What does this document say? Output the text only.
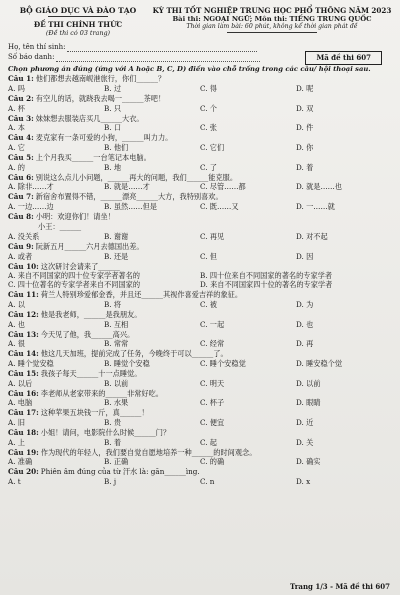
BỘ GIÁO DỤC VÀ ĐÀO TẠO
ĐỀ THI CHÍNH THỨC
(Đề thi có 03 trang)
KỲ THI TỐT NGHIỆP TRUNG HỌC PHỔ THÔNG NĂM 2023
Bài thi: NGOẠI NGỮ; Môn thi: TIẾNG TRUNG QUỐC
Thời gian làm bài: 60 phút, không kể thời gian phát đề
Họ, tên thí sinh:
Số báo danh:	Mã đề thi 607
Chọn phương án đúng (ứng với A hoặc B, C, D) điền vào chỗ trống trong các câu/ hội thoại sau.
Câu 1: 他们都想去越南岘港旅行，你们______？
A. 吗	B. 过	C. 得	D. 呢
Câu 2: 有空儿的话，就跷我去喝一______茶吧！
A. 杯	B. 只	C. 个	D. 双
Câu 3: 妹妹想去服装店买几______大衣。
A. 本	B. 口	C. 张	D. 件
Câu 4: 麦克家有一条可爱的小狗，______叫力力。
A. 它	B. 他们	C. 它们	D. 你
Câu 5: 上个月我买______一台笔记本电脑。
A. 的	B. 地	C. 了	D. 着
Câu 6: 别说这么点儿小问题，______再大的问题，我们______能克服。
A. 除非……才	B. 就是……才	C. 尽管……都	D. 就是……也
Câu 7: 新宿舍布置得不错，______漂亮______大方，我特别喜欢。
A. 一边……边	B. 虽然……但是	C. 既……又	D. 一……就
Câu 8: 小明：欢迎你们！请坐！
小王：______
A. 没关系	B. 谢谢	C. 再见	D. 对不起
Câu 9: 阮新五月______六月去德国出差。
A. 或者	B. 还是	C. 但	D. 因
Câu 10: 这次研讨会请来了______
A. 来自不同国家的四十位专家学者著名的	B. 四十位来自不同国家的著名的专家学者
C. 四十位著名的专家学者来自不同国家的	D. 来自不同国家四十位的著名的专家学者
Câu 11: 荷兰人特别珍爱郁金香，并且还______其视作喜爱吉祥的象征。
A. 以	B. 将	C. 被	D. 为
Câu 12: 他是我老师，______是我朋友。
A. 也	B. 互相	C. 一起	D. 也
Câu 13: 今天见了他，我______高兴。
A. 很	B. 常常	C. 经常	D. 再
Câu 14: 他这几天加班，提前完成了任务，今晚终于可以______了。
A. 睡个觉安稳	B. 睡觉个安稳	C. 睡个安稳觉	D. 睡安稳个觉
Câu 15: 我孩子每天______十一点睡觉。
A. 以后	B. 以前	C. 明天	D. 以前
Câu 16: 李老师从老家带来的______非常好吃。
A. 电脑	B. 水果	C. 杯子	D. 眼睛
Câu 17: 这种苹果五块钱一斤，真______！
A. 旧	B. 贵	C. 便宜	D. 近
Câu 18: 小姐！请问，电影院什么时候______门？
A. 上	B. 着	C. 起	D. 关
Câu 19: 作为现代的年轻人，我们要自觉自愿地培养一种______的时间观念。
A. 准确	B. 正确	C. 的确	D. 确实
Câu 20: Phiên âm đúng của từ 汗水 là: gān______ìng.
A. t	B. j	C. n	D. x
Trang 1/3 - Mã đề thi 607
